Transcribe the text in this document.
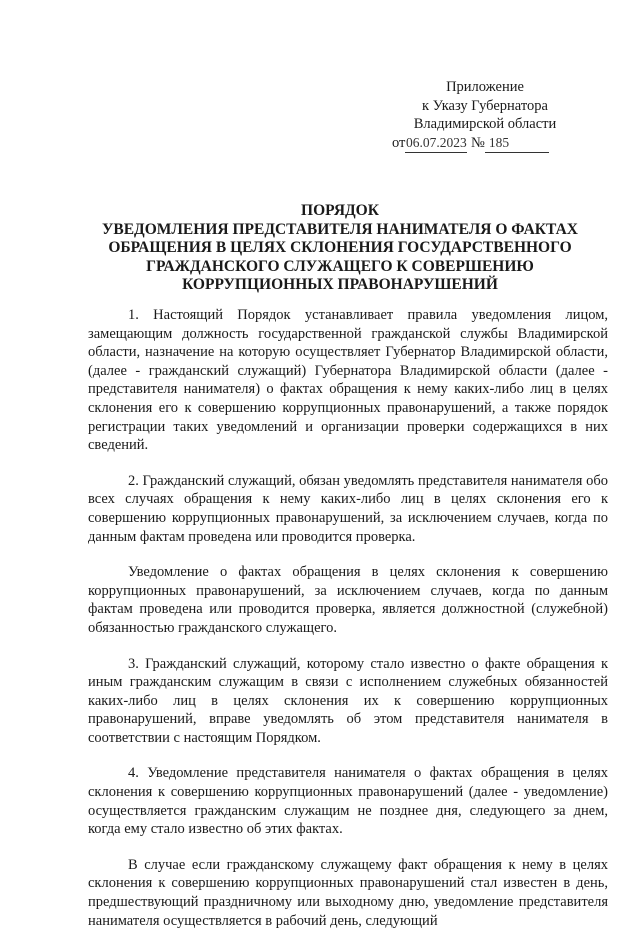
Приложение
к Указу Губернатора
Владимирской области
от06.07.2023 № 185
ПОРЯДОК
УВЕДОМЛЕНИЯ ПРЕДСТАВИТЕЛЯ НАНИМАТЕЛЯ О ФАКТАХ
ОБРАЩЕНИЯ В ЦЕЛЯХ СКЛОНЕНИЯ ГОСУДАРСТВЕННОГО
ГРАЖДАНСКОГО СЛУЖАЩЕГО К СОВЕРШЕНИЮ
КОРРУПЦИОННЫХ ПРАВОНАРУШЕНИЙ

1. Настоящий Порядок устанавливает правила уведомления лицом, замещающим должность государственной гражданской службы Владимирской области, назначение на которую осуществляет Губернатор Владимирской области, (далее - гражданский служащий) Губернатора Владимирской области (далее - представителя нанимателя) о фактах обращения к нему каких-либо лиц в целях склонения его к совершению коррупционных правонарушений, а также порядок регистрации таких уведомлений и организации проверки содержащихся в них сведений.

2. Гражданский служащий, обязан уведомлять представителя нанимателя обо всех случаях обращения к нему каких-либо лиц в целях склонения его к совершению коррупционных правонарушений, за исключением случаев, когда по данным фактам проведена или проводится проверка.

Уведомление о фактах обращения в целях склонения к совершению коррупционных правонарушений, за исключением случаев, когда по данным фактам проведена или проводится проверка, является должностной (служебной) обязанностью гражданского служащего.

3. Гражданский служащий, которому стало известно о факте обращения к иным гражданским служащим в связи с исполнением служебных обязанностей каких-либо лиц в целях склонения их к совершению коррупционных правонарушений, вправе уведомлять об этом представителя нанимателя в соответствии с настоящим Порядком.

4. Уведомление представителя нанимателя о фактах обращения в целях склонения к совершению коррупционных правонарушений (далее - уведомление) осуществляется гражданским служащим не позднее дня, следующего за днем, когда ему стало известно об этих фактах.

В случае если гражданскому служащему факт обращения к нему в целях склонения к совершению коррупционных правонарушений стал известен в день, предшествующий праздничному или выходному дню, уведомление представителя нанимателя осуществляется в рабочий день, следующий
